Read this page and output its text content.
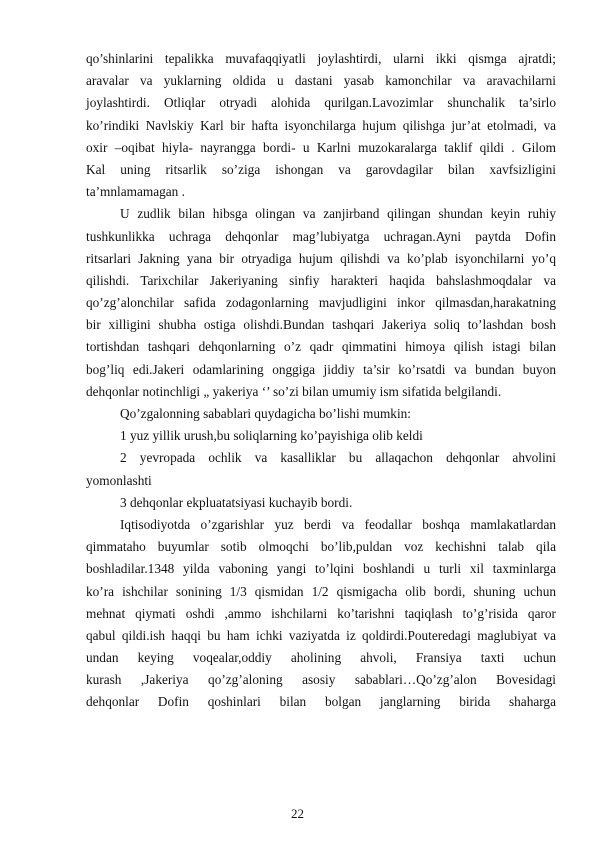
qo’shinlarini tepalikka muvafaqqiyatli joylashtirdi, ularni ikki qismga ajratdi;
aravalar va yuklarning oldida u dastani yasab kamonchilar va aravachilarni
joylashtirdi. Otliqlar otryadi alohida qurilgan.Lavozimlar shunchalik ta’sirlo
ko’rindiki Navlskiy Karl bir hafta isyonchilarga hujum qilishga jur’at etolmadi, va
oxir –oqibat hiyla- nayrangga bordi- u Karlni muzokaralarga taklif qildi . Gilom
Kal uning ritsarlik so’ziga ishongan va garovdagilar bilan xavfsizligini
ta’mnlamamagan .
U zudlik bilan hibsga olingan va zanjirband qilingan shundan keyin ruhiy
tushkunlikka uchraga dehqonlar mag’lubiyatga uchragan.Ayni paytda Dofin
ritsarlari Jakning yana bir otryadiga hujum qilishdi va ko’plab isyonchilarni yo’q
qilishdi. Tarixchilar Jakeriyaning sinfiy harakteri haqida bahslashmoqdalar va
qo’zg’alonchilar safida zodagonlarning mavjudligini inkor qilmasdan,harakatning
bir xilligini shubha ostiga olishdi.Bundan tashqari Jakeriya soliq to’lashdan bosh
tortishdan tashqari dehqonlarning o’z qadr qimmatini himoya qilish istagi bilan
bog’liq edi.Jakeri odamlarining onggiga jiddiy ta’sir ko’rsatdi va bundan buyon
dehqonlar notinchligi „ yakeriya ‘’ so’zi bilan umumiy ism sifatida belgilandi.
Qo’zgalonning sabablari quydagicha bo’lishi mumkin:
1 yuz yillik urush,bu soliqlarning ko’payishiga olib keldi
2 yevropada ochlik va kasalliklar bu allaqachon dehqonlar ahvolini
yomonlashti
3 dehqonlar ekpluatatsiyasi kuchayib bordi.
Iqtisodiyotda o’zgarishlar yuz berdi va feodallar boshqa mamlakatlardan
qimmataho buyumlar sotib olmoqchi bo’lib,puldan voz kechishni talab qila
boshladilar.1348 yilda vaboning yangi to’lqini boshlandi u turli xil taxminlarga
ko’ra ishchilar sonining 1/3 qismidan 1/2 qismigacha olib bordi, shuning uchun
mehnat qiymati oshdi ,ammo ishchilarni ko’tarishni taqiqlash to’g’risida qaror
qabul qildi.ish haqqi bu ham ichki vaziyatda iz qoldirdi.Pouteredagi maglubiyat va
undan keying voqealar,oddiy aholining ahvoli, Fransiya taxti uchun
kurash ,Jakeriya qo’zg’aloning asosiy sabablari…Qo’zg’alon Bovesidagi
dehqonlar Dofin qoshinlari bilan bolgan janglarning birida shaharga
22
